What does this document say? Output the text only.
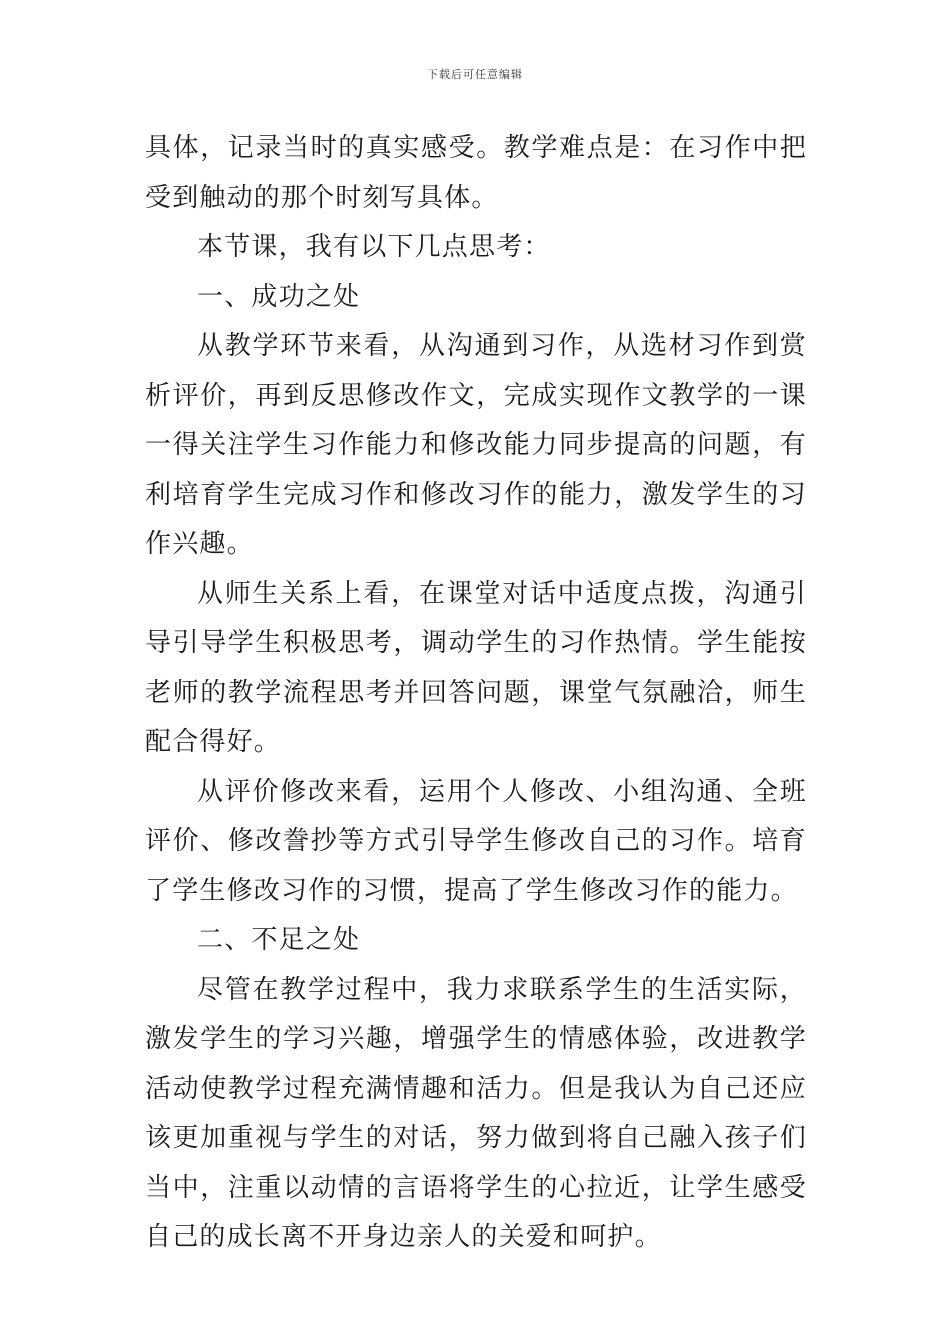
下载后可任意编辑

具体，记录当时的真实感受。教学难点是：在习作中把受到触动的那个时刻写具体。

本节课，我有以下几点思考：

一、成功之处

从教学环节来看，从沟通到习作，从选材习作到赏析评价，再到反思修改作文，完成实现作文教学的一课一得关注学生习作能力和修改能力同步提高的问题，有利培育学生完成习作和修改习作的能力，激发学生的习作兴趣。

从师生关系上看，在课堂对话中适度点拨，沟通引导引导学生积极思考，调动学生的习作热情。学生能按老师的教学流程思考并回答问题，课堂气氛融洽，师生配合得好。

从评价修改来看，运用个人修改、小组沟通、全班评价、修改誊抄等方式引导学生修改自己的习作。培育了学生修改习作的习惯，提高了学生修改习作的能力。

二、不足之处

尽管在教学过程中，我力求联系学生的生活实际，激发学生的学习兴趣，增强学生的情感体验，改进教学活动使教学过程充满情趣和活力。但是我认为自己还应该更加重视与学生的对话，努力做到将自己融入孩子们当中，注重以动情的言语将学生的心拉近，让学生感受自己的成长离不开身边亲人的关爱和呵护。
